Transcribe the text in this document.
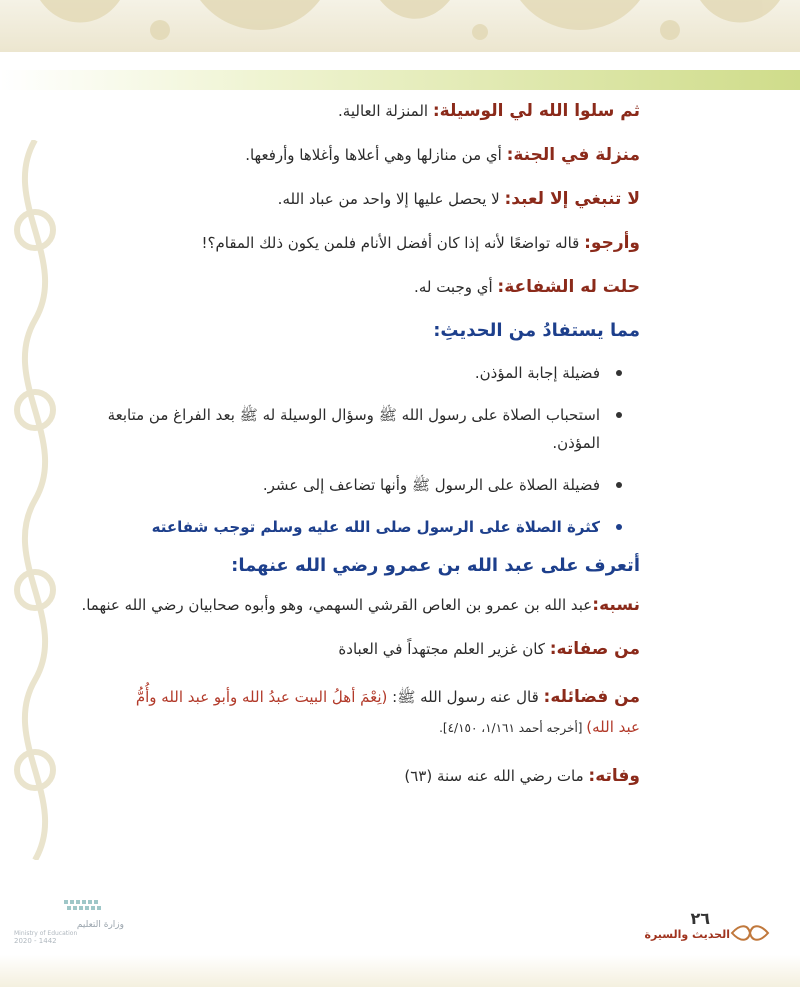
ثم سلوا الله لي الوسيلة: المنزلة العالية.

منزلة في الجنة: أي من منازلها وهي أعلاها وأغلاها وأرفعها.

لا تنبغي إلا لعبد: لا يحصل عليها إلا واحد من عباد الله.

وأرجو: قاله تواضعًا لأنه إذا كان أفضل الأنام فلمن يكون ذلك المقام؟!

حلت له الشفاعة: أي وجبت له.

مما يستفادُ من الحديثِ:
فضيلة إجابة المؤذن.
استحباب الصلاة على رسول الله ﷺ وسؤال الوسيلة له ﷺ بعد الفراغ من متابعة المؤذن.
فضيلة الصلاة على الرسول ﷺ وأنها تضاعف إلى عشر.
كثرة الصلاة على الرسول صلى الله عليه وسلم توجب شفاعته
أتعرف على عبد الله بن عمرو رضي الله عنهما:

نسبه:عبد الله بن عمرو بن العاص القرشي السهمي، وهو وأبوه صحابيان رضي الله عنهما.

من صفاته: كان غزير العلم مجتهداً في العبادة

من فضائله: قال عنه رسول الله ﷺ: (نِعْمَ أهلُ البيت عبدُ الله وأبو عبد الله وأُمُّ عبد الله) [أخرجه أحمد ١/١٦١، ٤/١٥٠].

وفاته: مات رضي الله عنه سنة (٦٣)

٢٦
الحديث والسيرة
وزارة التعليم
Ministry of Education
2020 - 1442
